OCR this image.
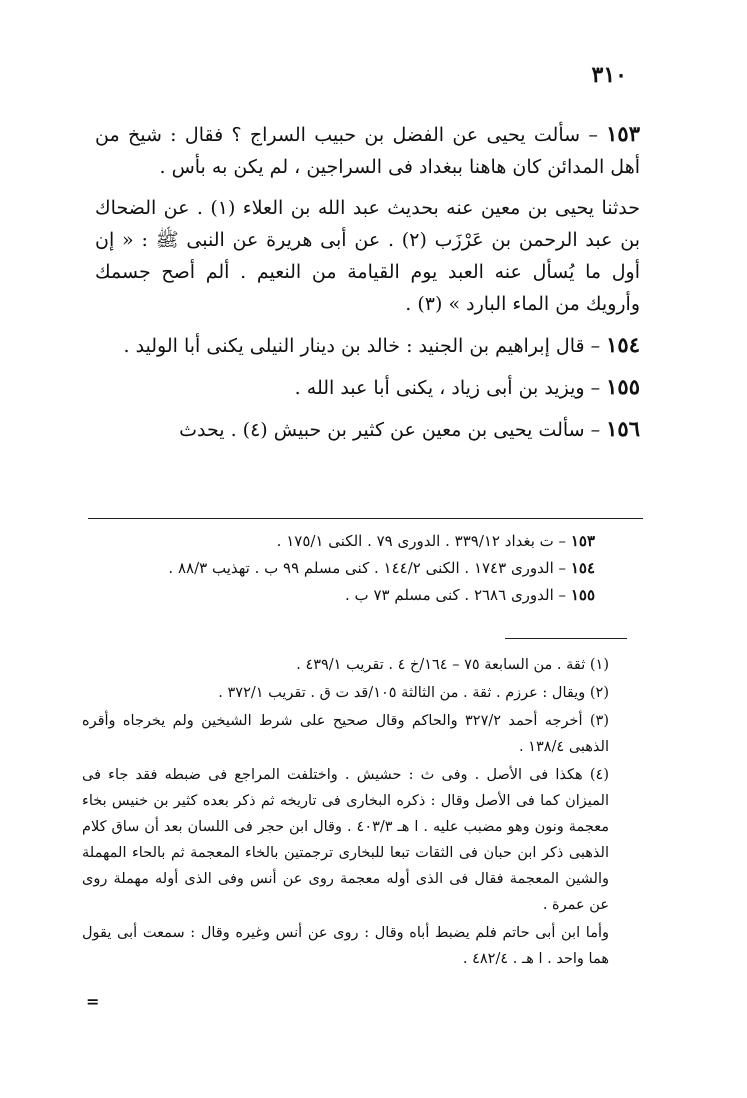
٣١٠

١٥٣ – سألت يحيى عن الفضل بن حبيب السراج ؟ فقال : شيخ من أهل المدائن كان هاهنا ببغداد فى السراجين ، لم يكن به بأس .

حدثنا يحيى بن معين عنه بحديث عبد الله بن العلاء (١) . عن الضحاك بن عبد الرحمن بن عَرْزَب (٢) . عن أبى هريرة عن النبى ﷺ : « إن أول ما يُسأل عنه العبد يوم القيامة من النعيم . ألم أصح جسمك وأرويك من الماء البارد » (٣) .

١٥٤ – قال إبراهيم بن الجنيد : خالد بن دينار النيلى يكنى أبا الوليد .

١٥٥ – ويزيد بن أبى زياد ، يكنى أبا عبد الله .

١٥٦ – سألت يحيى بن معين عن كثير بن حبيش (٤) . يحدث

١٥٣ – ت بغداد ٣٣٩/١٢ . الدورى ٧٩ . الكنى ١٧٥/١ .

١٥٤ – الدورى ١٧٤٣ . الكنى ١٤٤/٢ . كنى مسلم ٩٩ ب . تهذيب ٨٨/٣ .

١٥٥ – الدورى ٢٦٨٦ . كنى مسلم ٧٣ ب .

(١) ثقة . من السابعة ٧٥ – ١٦٤/خ ٤ . تقريب ٤٣٩/١ .

(٢) ويقال : عرزم . ثقة . من الثالثة ١٠٥/قد ت ق . تقريب ٣٧٢/١ .

(٣) أخرجه أحمد ٣٢٧/٢ والحاكم وقال صحيح على شرط الشيخين ولم يخرجاه وأقره الذهبى ١٣٨/٤ .

(٤) هكذا فى الأصل . وفى ث : حشيش . واختلفت المراجع فى ضبطه فقد جاء فى الميزان كما فى الأصل وقال : ذكره البخارى فى تاريخه ثم ذكر بعده كثير بن خنيس بخاء معجمة ونون وهو مضبب عليه . ا هـ ٤٠٣/٣ . وقال ابن حجر فى اللسان بعد أن ساق كلام الذهبى ذكر ابن حبان فى الثقات تبعا للبخارى ترجمتين بالخاء المعجمة ثم بالحاء المهملة والشين المعجمة فقال فى الذى أوله معجمة روى عن أنس وفى الذى أوله مهملة روى عن عمرة .

وأما ابن أبى حاتم فلم يضبط أباه وقال : روى عن أنس وغيره وقال : سمعت أبى يقول هما واحد . ا هـ . ٤٨٢/٤ .

=
